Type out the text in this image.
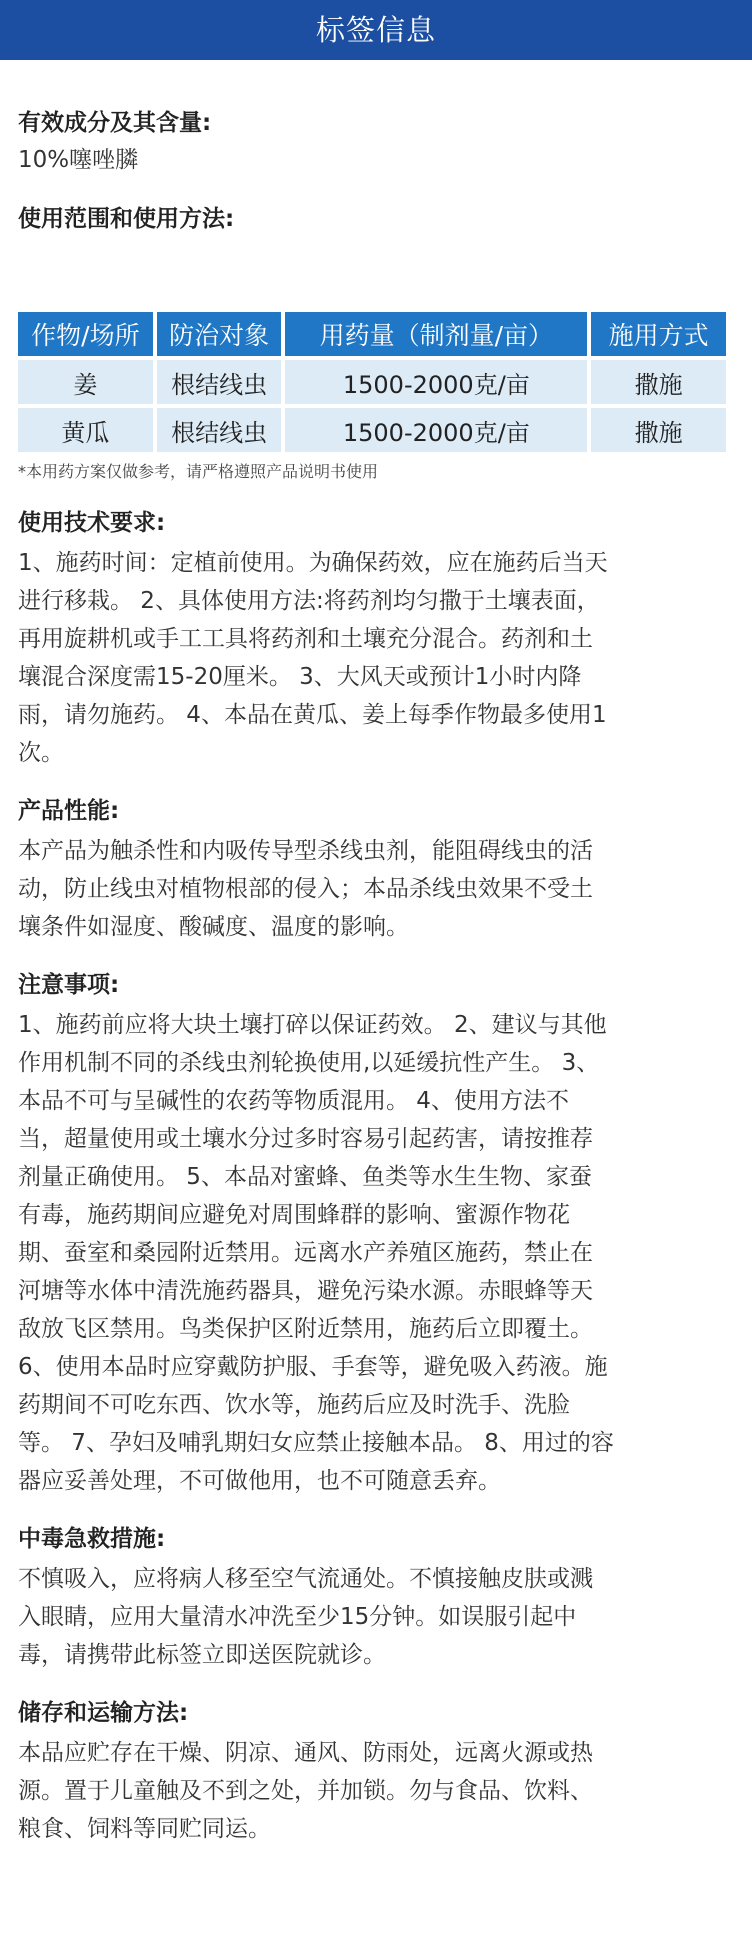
标签信息

有效成分及其含量:

10%噻唑膦

使用范围和使用方法:

作物/场所	防治对象	用药量（制剂量/亩）	施用方式
姜	根结线虫	1500-2000克/亩	撒施
黄瓜	根结线虫	1500-2000克/亩	撒施
*本用药方案仅做参考，请严格遵照产品说明书使用

使用技术要求:

1、施药时间：定植前使用。为确保药效，应在施药后当天

进行移栽。 2、具体使用方法:将药剂均匀撒于土壤表面，

再用旋耕机或手工工具将药剂和土壤充分混合。药剂和土

壤混合深度需15-20厘米。 3、大风天或预计1小时内降

雨，请勿施药。 4、本品在黄瓜、姜上每季作物最多使用1

次。

产品性能:

本产品为触杀性和内吸传导型杀线虫剂，能阻碍线虫的活

动，防止线虫对植物根部的侵入；本品杀线虫效果不受土

壤条件如湿度、酸碱度、温度的影响。

注意事项:

1、施药前应将大块土壤打碎以保证药效。 2、建议与其他

作用机制不同的杀线虫剂轮换使用,以延缓抗性产生。 3、

本品不可与呈碱性的农药等物质混用。 4、使用方法不

当，超量使用或土壤水分过多时容易引起药害，请按推荐

剂量正确使用。 5、本品对蜜蜂、鱼类等水生生物、家蚕

有毒，施药期间应避免对周围蜂群的影响、蜜源作物花

期、蚕室和桑园附近禁用。远离水产养殖区施药，禁止在

河塘等水体中清洗施药器具，避免污染水源。赤眼蜂等天

敌放飞区禁用。鸟类保护区附近禁用，施药后立即覆土。

6、使用本品时应穿戴防护服、手套等，避免吸入药液。施

药期间不可吃东西、饮水等，施药后应及时洗手、洗脸

等。 7、孕妇及哺乳期妇女应禁止接触本品。 8、用过的容

器应妥善处理，不可做他用，也不可随意丢弃。

中毒急救措施:

不慎吸入，应将病人移至空气流通处。不慎接触皮肤或溅

入眼睛，应用大量清水冲洗至少15分钟。如误服引起中

毒，请携带此标签立即送医院就诊。

储存和运输方法:

本品应贮存在干燥、阴凉、通风、防雨处，远离火源或热

源。置于儿童触及不到之处，并加锁。勿与食品、饮料、

粮食、饲料等同贮同运。
